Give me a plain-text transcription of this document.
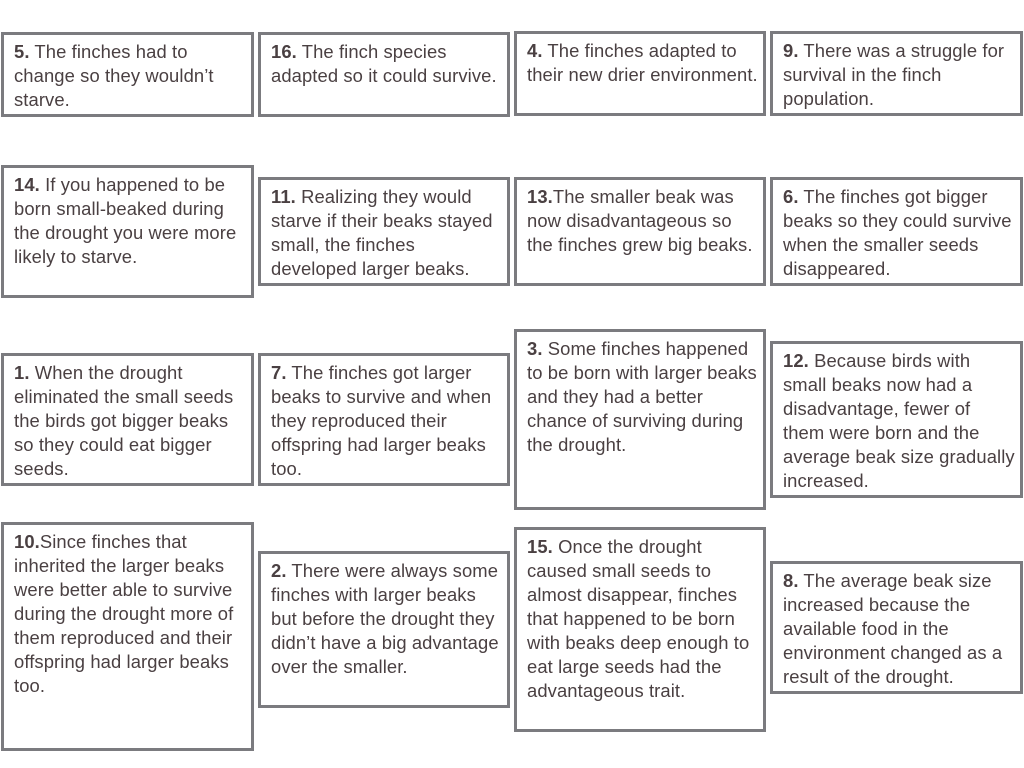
5. The finches had to change so they wouldn’t starve.
16. The finch species adapted so it could survive.
4. The finches adapted to their new drier environment.
9. There was a struggle for survival in the finch population.
14. If you happened to be born small-beaked during the drought you were more likely to starve.
11. Realizing they would starve if their beaks stayed small, the finches developed larger beaks.
13.The smaller beak was now disadvantageous so the finches grew big beaks.
6. The finches got bigger beaks so they could survive when the smaller seeds disappeared.
1. When the drought eliminated the small seeds the birds got bigger beaks so they could eat bigger seeds.
7. The finches got larger beaks to survive and when they reproduced their offspring had larger beaks too.
3. Some finches happened to be born with larger beaks and they had a better chance of surviving during the drought.
12. Because birds with small beaks now had a disadvantage, fewer of them were born and the average beak size gradually increased.
10.Since finches that inherited the larger beaks were better able to survive during the drought more of them reproduced and their offspring had larger beaks too.
2. There were always some finches with larger beaks but before the drought they didn’t have a big advantage over the smaller.
15. Once the drought caused small seeds to almost disappear, finches that happened to be born with beaks deep enough to eat large seeds had the advantageous trait.
8. The average beak size increased because the available food in the environment changed as a result of the drought.
